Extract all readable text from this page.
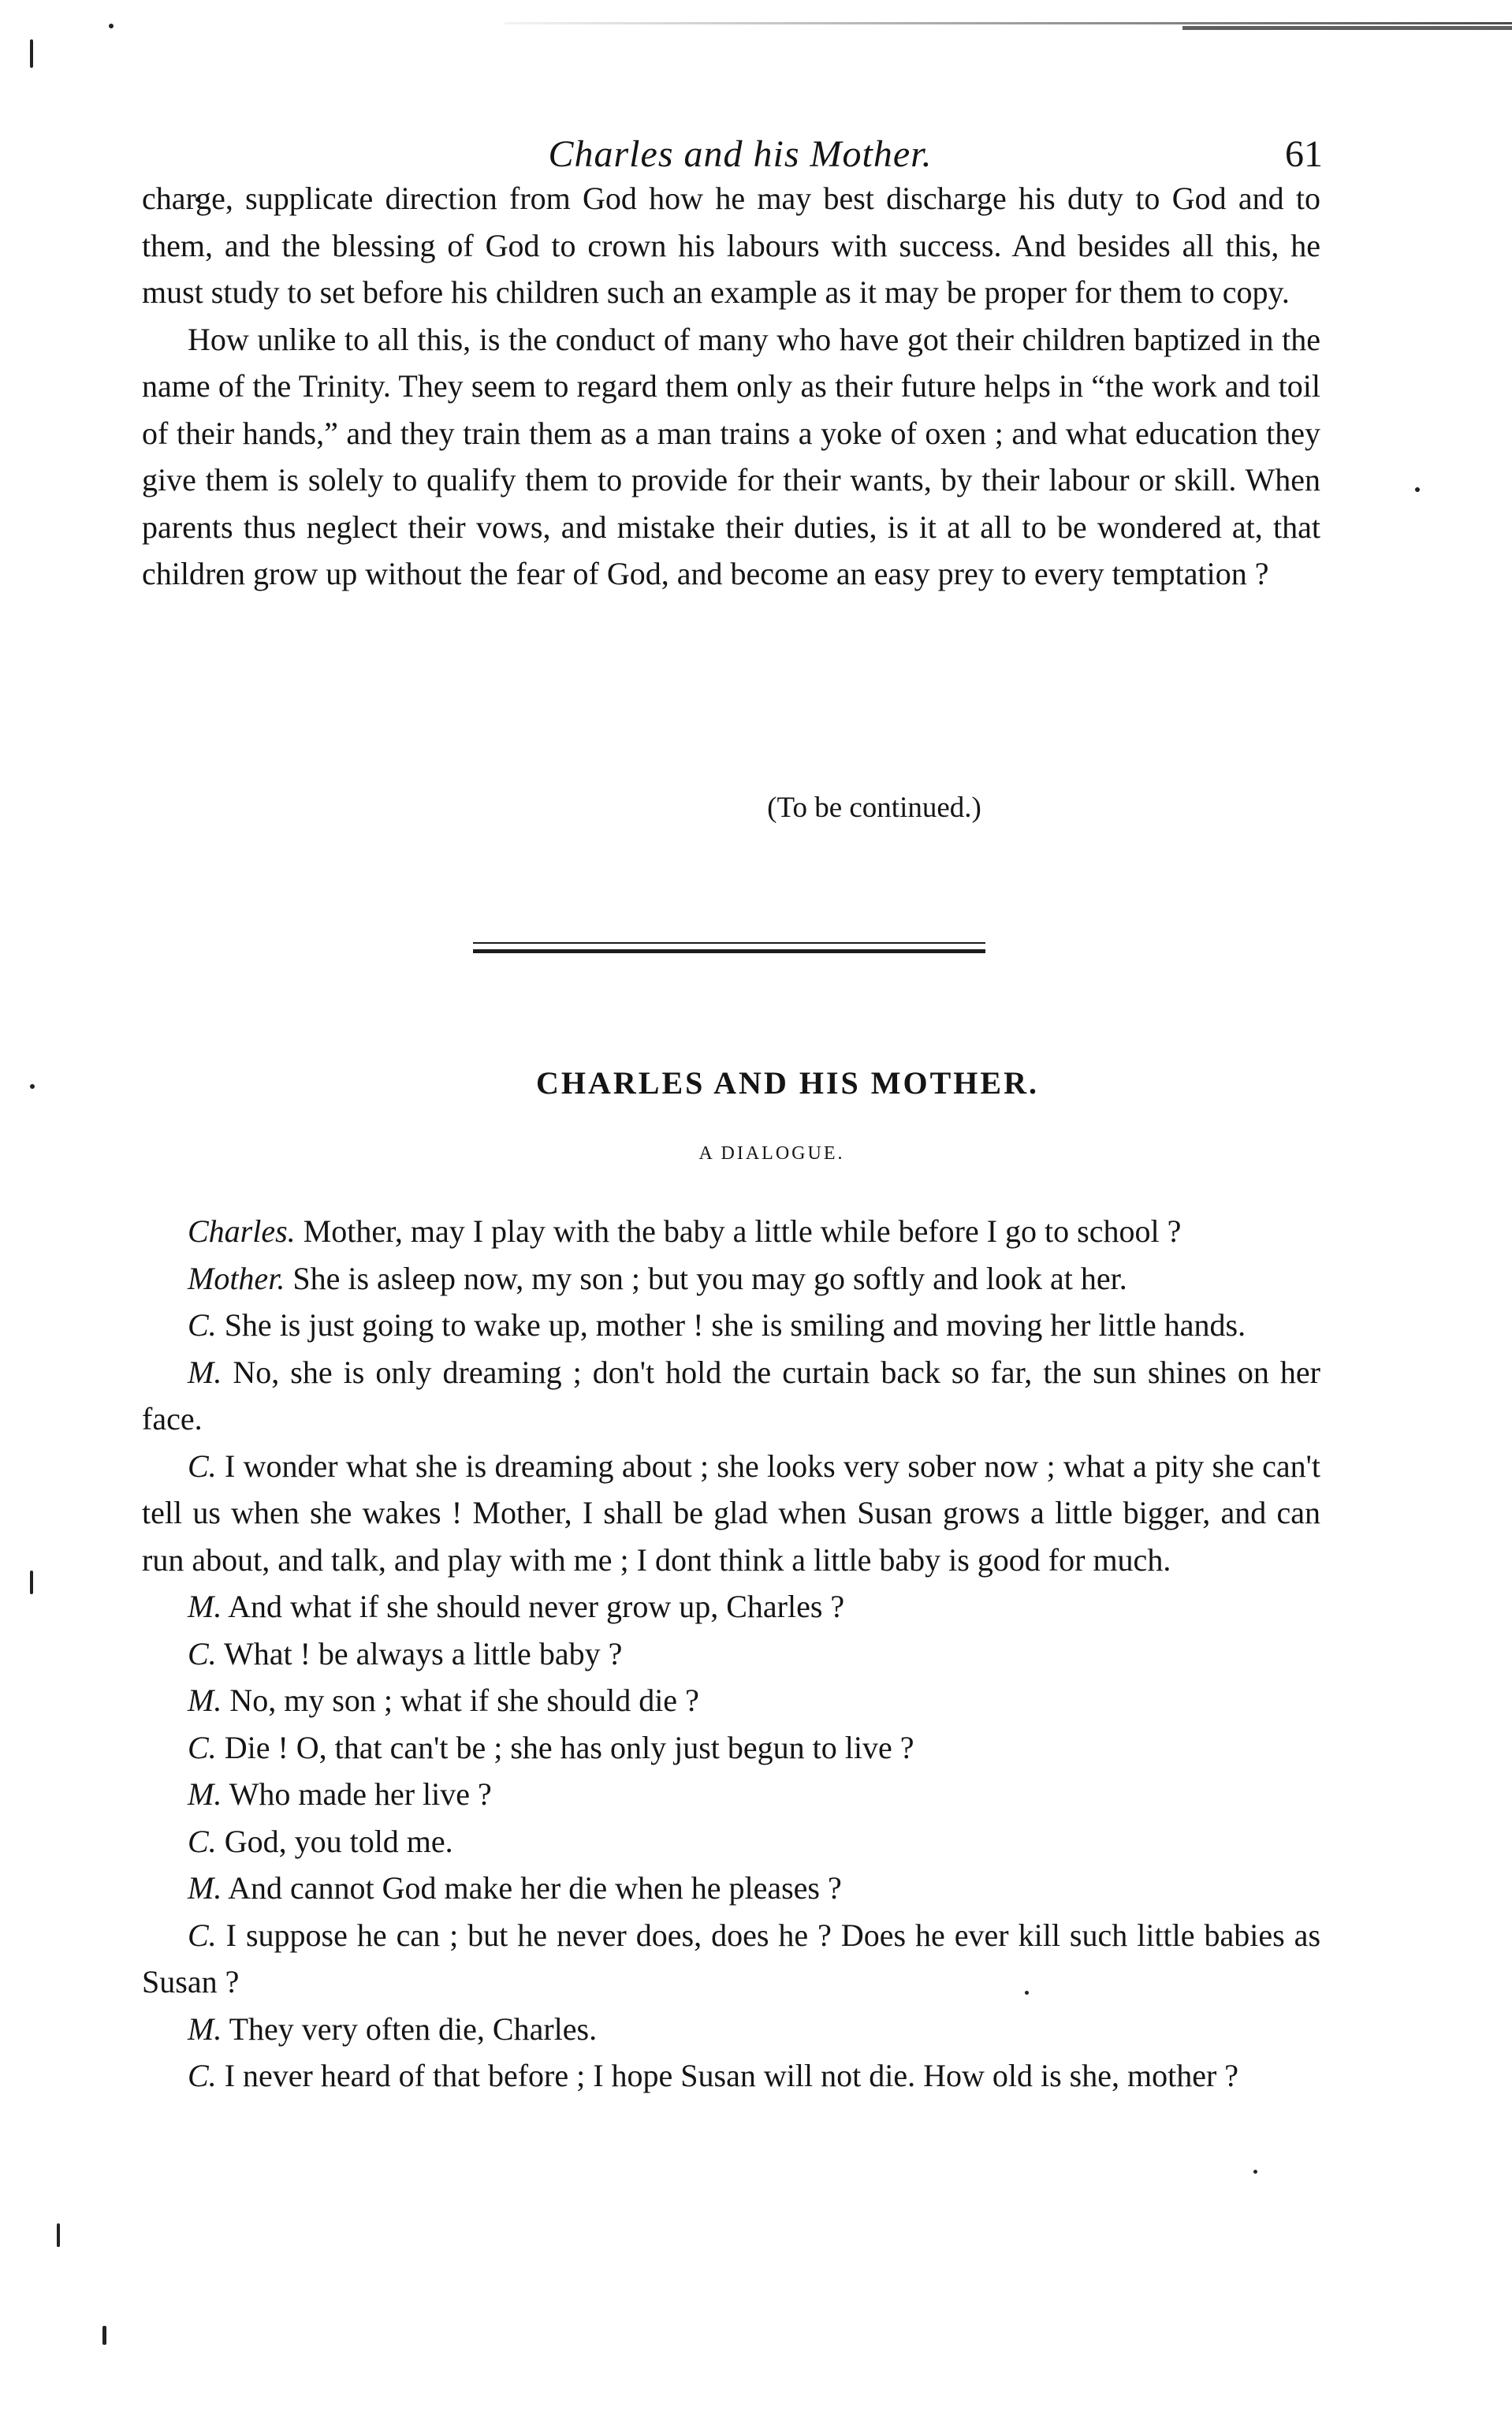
Charles and his Mother.	61

charge, supplicate direction from God how he may best discharge his duty to God and to them, and the blessing of God to crown his labours with success. And besides all this, he must study to set before his children such an example as it may be proper for them to copy.

How unlike to all this, is the conduct of many who have got their children baptized in the name of the Trinity. They seem to regard them only as their future helps in “the work and toil of their hands,” and they train them as a man trains a yoke of oxen ; and what education they give them is solely to qualify them to provide for their wants, by their labour or skill. When parents thus neglect their vows, and mistake their duties, is it at all to be wondered at, that children grow up without the fear of God, and become an easy prey to every temptation ?

(To be continued.)
CHARLES AND HIS MOTHER.
A DIALOGUE.

Charles. Mother, may I play with the baby a little while before I go to school ?

Mother. She is asleep now, my son ; but you may go softly and look at her.

C. She is just going to wake up, mother ! she is smiling and moving her little hands.

M. No, she is only dreaming ; don't hold the curtain back so far, the sun shines on her face.

C. I wonder what she is dreaming about ; she looks very sober now ; what a pity she can't tell us when she wakes ! Mother, I shall be glad when Susan grows a little bigger, and can run about, and talk, and play with me ; I dont think a little baby is good for much.

M. And what if she should never grow up, Charles ?

C. What ! be always a little baby ?

M. No, my son ; what if she should die ?

C. Die ! O, that can't be ; she has only just begun to live ?

M. Who made her live ?

C. God, you told me.

M. And cannot God make her die when he pleases ?

C. I suppose he can ; but he never does, does he ? Does he ever kill such little babies as Susan ?

M. They very often die, Charles.

C. I never heard of that before ; I hope Susan will not die. How old is she, mother ?
